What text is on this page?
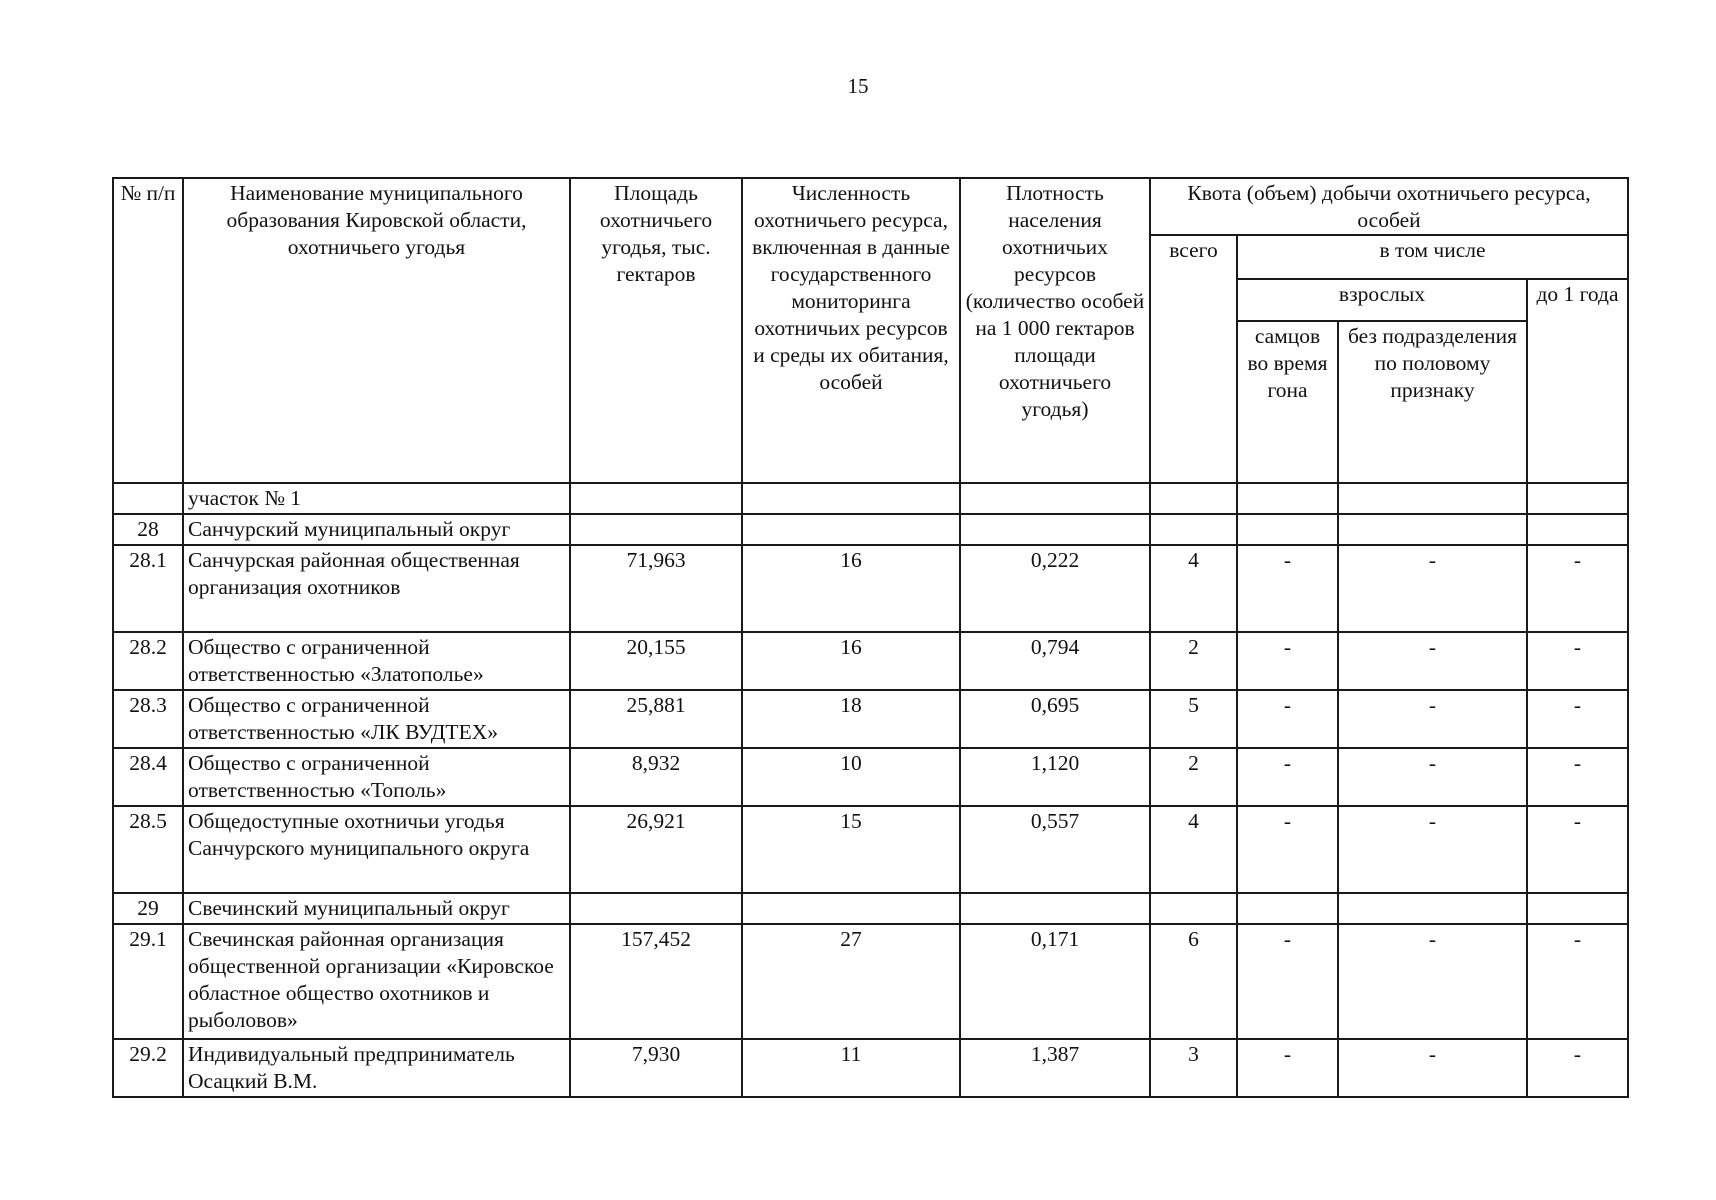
15
№ п/п	Наименование муниципального образования Кировской области, охотничьего угодья	Площадь охотничьего угодья, тыс. гектаров	Численность охотничьего ресурса, включенная в данные государственного мониторинга охотничьих ресурсов и среды их обитания, особей	Плотность населения охотничьих ресурсов (количество особей на 1 000 гектаров площади охотничьего угодья)	Квота (объем) добычи охотничьего ресурса, особей			
					всего	в том числе		
						взрослых		до 1 года
						самцов во время гона	без подразделения по половому признаку	
	участок № 1							
28	Санчурский муниципальный округ							
28.1	Санчурская районная общественная организация охотников	71,963	16	0,222	4	-	-	-
28.2	Общество с ограниченной ответственностью «Златополье»	20,155	16	0,794	2	-	-	-
28.3	Общество с ограниченной ответственностью «ЛК ВУДТЕХ»	25,881	18	0,695	5	-	-	-
28.4	Общество с ограниченной ответственностью «Тополь»	8,932	10	1,120	2	-	-	-
28.5	Общедоступные охотничьи угодья Санчурского муниципального округа	26,921	15	0,557	4	-	-	-
29	Свечинский муниципальный округ							
29.1	Свечинская районная организация общественной организации «Кировское областное общество охотников и рыболовов»	157,452	27	0,171	6	-	-	-
29.2	Индивидуальный предприниматель Осацкий В.М.	7,930	11	1,387	3	-	-	-
